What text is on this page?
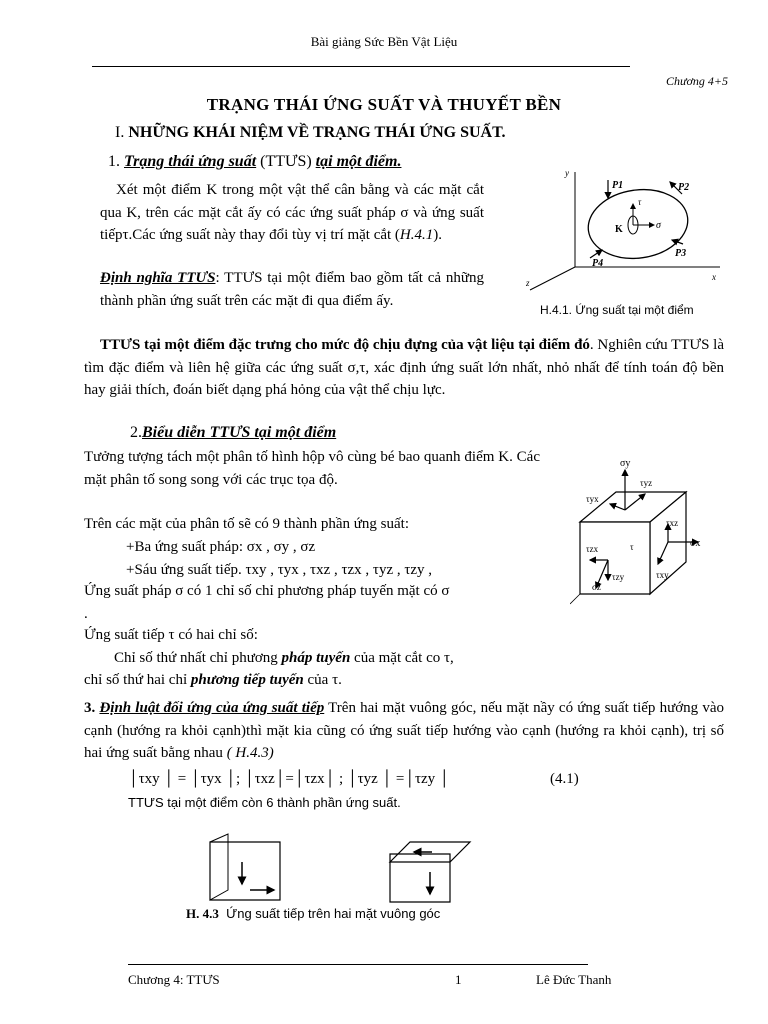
Bài giảng Sức Bền Vật Liệu
Chương 4+5
TRẠNG THÁI ỨNG SUẤT VÀ THUYẾT BỀN
I. NHỮNG KHÁI NIỆM VỀ TRẠNG THÁI ỨNG SUẤT.
1. Trạng thái ứng suất (TTƯS) tại một điểm.
Xét một điểm K trong một vật thể cân bằng và các mặt cắt qua K, trên các mặt cắt ấy có các ứng suất pháp σ và ứng suất tiếpτ.Các ứng suất này thay đổi tùy vị trí mặt cắt (H.4.1).
Định nghĩa TTƯS: TTƯS tại một điểm bao gồm tất cả những thành phần ứng suất trên các mặt đi qua điểm ấy.
y
x
z
τ
σ
K
P1	P2
P3
P4
H.4.1. Ứng suất tại một điểm
TTƯS tại một điểm đặc trưng cho mức độ chịu đựng của vật liệu tại điểm đó. Nghiên cứu TTƯS là tìm đặc điểm và liên hệ giữa các ứng suất σ,τ, xác định ứng suất lớn nhất, nhỏ nhất để tính toán độ bền hay giải thích, đoán biết dạng phá hỏng của vật thể chịu lực.
2.Biểu diễn TTƯS tại một điểm
Tưởng tượng tách một phân tố hình hộp vô cùng bé bao quanh điểm K. Các mặt phân tố song song với các trục tọa độ.
Trên các mặt của phân tố sẽ có 9 thành phần ứng suất:
+Ba ứng suất pháp: σx , σy , σz
+Sáu ứng suất tiếp. τxy , τyx , τxz , τzx , τyz , τzy ,
Ứng suất pháp σ có 1 chỉ số chỉ phương pháp tuyến mặt có σ
.
Ứng suất tiếp τ có hai chỉ số:
Chỉ số thứ nhất chỉ phương pháp tuyến của mặt cắt co τ,
chỉ số thứ hai chỉ phương tiếp tuyến của τ.
σy
τyz
τyx
τxz
σx
τzx	τ
τzy
σz
τxy
3. Định luật đối ứng của ứng suất tiếp Trên hai mặt vuông góc, nếu mặt nầy có ứng suất tiếp hướng vào cạnh (hướng ra khỏi cạnh)thì mặt kia cũng có ứng suất tiếp hướng vào cạnh (hướng ra khỏi cạnh), trị số hai ứng suất bằng nhau ( H.4.3)
│τxy │ = │τyx │; │τxz│=│τzx│ ; │τyz │ =│τzy │	(4.1)
TTƯS tại một điểm còn 6 thành phần ứng suất.
H. 4.3 Ứng suất tiếp trên hai mặt vuông góc
Chương 4: TTƯS	1	Lê Đức Thanh
